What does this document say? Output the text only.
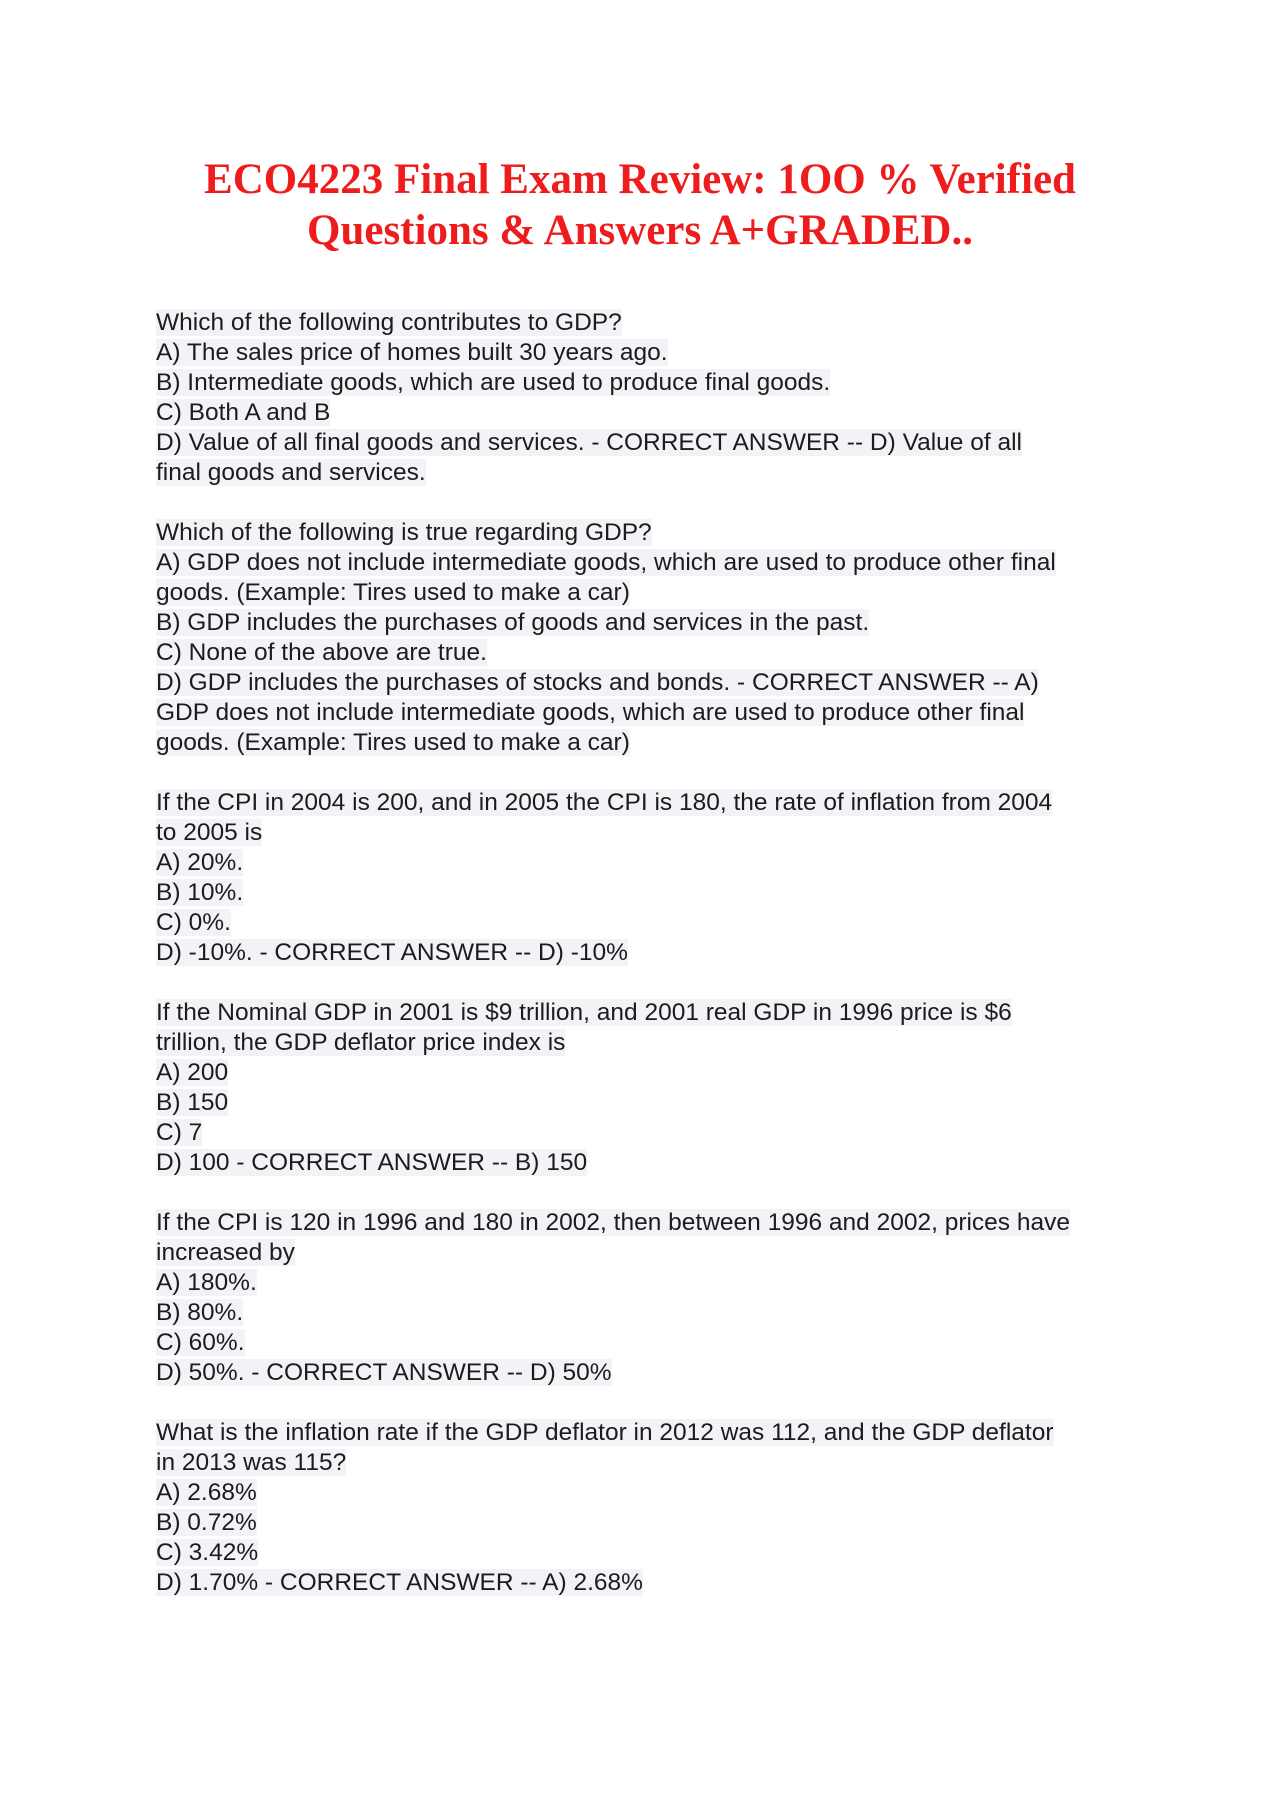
ECO4223 Final Exam Review: 1OO % Verified
Questions & Answers A+GRADED..
Which of the following contributes to GDP?
A) The sales price of homes built 30 years ago.
B) Intermediate goods, which are used to produce final goods.
C) Both A and B
D) Value of all final goods and services. - CORRECT ANSWER -- D) Value of all
final goods and services.
Which of the following is true regarding GDP?
A) GDP does not include intermediate goods, which are used to produce other final
goods. (Example: Tires used to make a car)
B) GDP includes the purchases of goods and services in the past.
C) None of the above are true.
D) GDP includes the purchases of stocks and bonds. - CORRECT ANSWER -- A)
GDP does not include intermediate goods, which are used to produce other final
goods. (Example: Tires used to make a car)
If the CPI in 2004 is 200, and in 2005 the CPI is 180, the rate of inflation from 2004
to 2005 is
A) 20%.
B) 10%.
C) 0%.
D) -10%. - CORRECT ANSWER -- D) -10%
If the Nominal GDP in 2001 is $9 trillion, and 2001 real GDP in 1996 price is $6
trillion, the GDP deflator price index is
A) 200
B) 150
C) 7
D) 100 - CORRECT ANSWER -- B) 150
If the CPI is 120 in 1996 and 180 in 2002, then between 1996 and 2002, prices have
increased by
A) 180%.
B) 80%.
C) 60%.
D) 50%. - CORRECT ANSWER -- D) 50%
What is the inflation rate if the GDP deflator in 2012 was 112, and the GDP deflator
in 2013 was 115?
A) 2.68%
B) 0.72%
C) 3.42%
D) 1.70% - CORRECT ANSWER -- A) 2.68%
